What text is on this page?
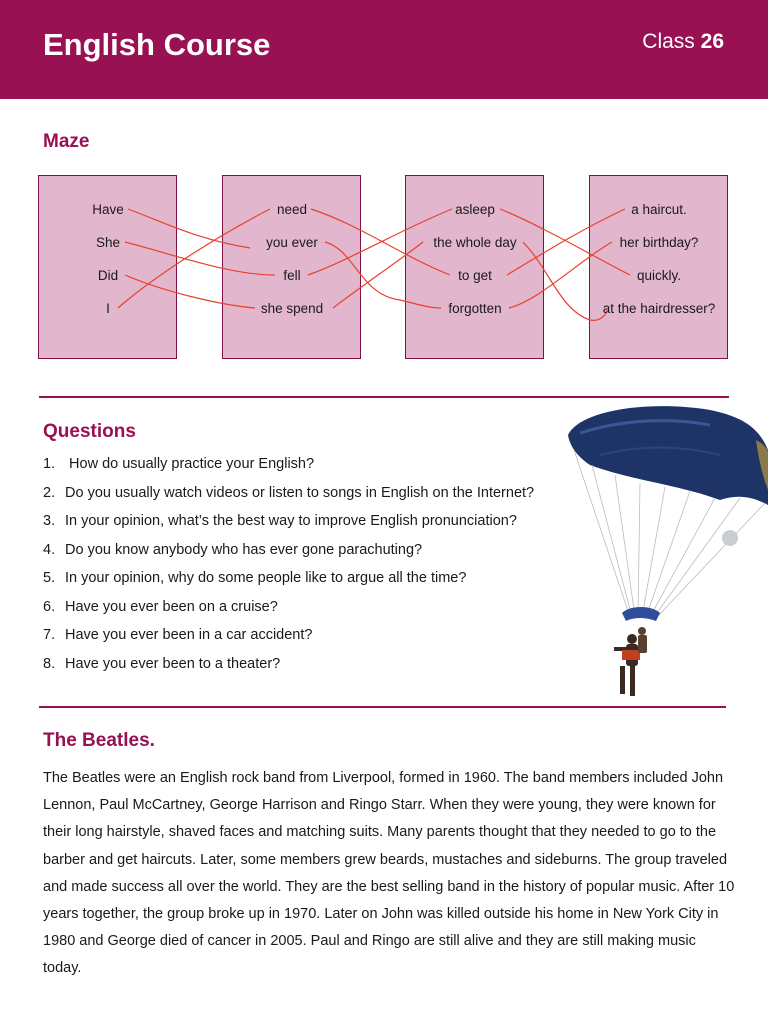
English Course	Class 26
Maze
Have
She
Did
I
need
you ever
fell
she spend
asleep
the whole day
to get
forgotten
a haircut.
her birthday?
quickly.
at the hairdresser?
Questions
1. How do usually practice your English?
2. Do you usually watch videos or listen to songs in English on the Internet?
3. In your opinion, what’s the best way to improve English pronunciation?
4. Do you know anybody who has ever gone parachuting?
5. In your opinion, why do some people like to argue all the time?
6. Have you ever been on a cruise?
7. Have you ever been in a car accident?
8. Have you ever been to a theater?
The Beatles.
The Beatles were an English rock band from Liverpool, formed in 1960. The band members included John Lennon, Paul McCartney, George Harrison and Ringo Starr. When they were young, they were known for their long hairstyle, shaved faces and matching suits. Many parents thought that they needed to go to the barber and get haircuts. Later, some members grew beards, mustaches and sideburns. The group traveled and made success all over the world. They are the best selling band in the history of popular music. After 10 years together, the group broke up in 1970. Later on John was killed outside his home in New York City in 1980 and George died of cancer in 2005. Paul and Ringo are still alive and they are still making music today.
